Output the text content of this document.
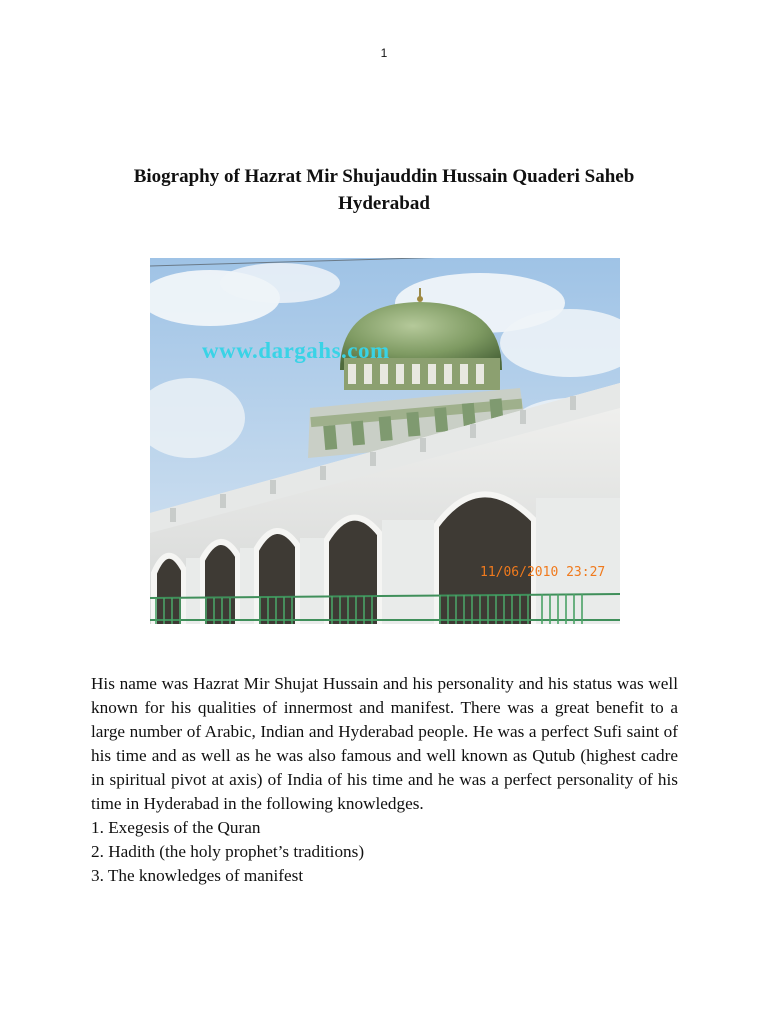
1
Biography of Hazrat Mir Shujauddin Hussain Quaderi Saheb
Hyderabad
www.dargahs.com
11/06/2010 23:27

His name was Hazrat Mir Shujat Hussain and his personality and his status was well known for his qualities of innermost and manifest. There was a great benefit to a large number of Arabic, Indian and Hyderabad people. He was a perfect Sufi saint of his time and as well as he was also famous and well known as Qutub (highest cadre in spiritual pivot at axis) of India of his time and he was a perfect personality of his time in Hyderabad in the following knowledges.

1. Exegesis of the Quran
2. Hadith (the holy prophet’s traditions)
3. The knowledges of manifest
